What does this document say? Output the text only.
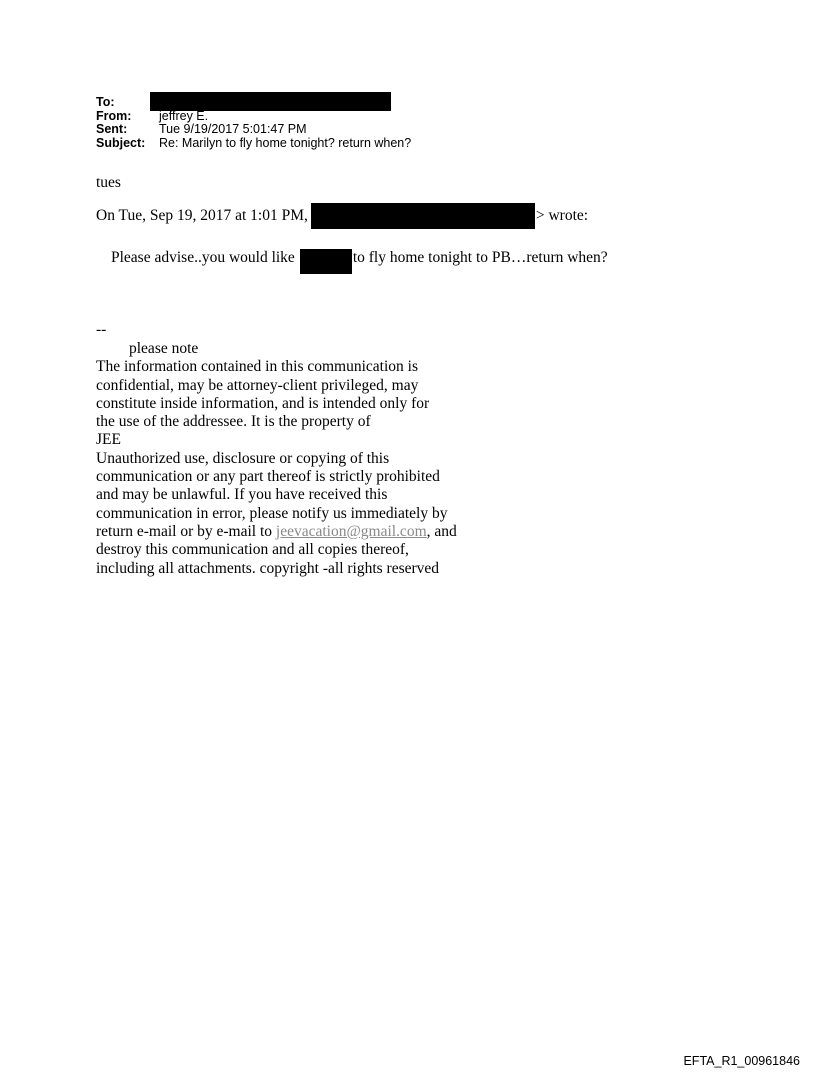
To:
From:	jeffrey E.
Sent:	Tue 9/19/2017 5:01:47 PM
Subject:	Re: Marilyn to fly home tonight? return when?
tues
On Tue, Sep 19, 2017 at 1:01 PM,	> wrote:
Please advise..you would like	to fly home tonight to PB…return when?
--
please note
The information contained in this communication is
confidential, may be attorney-client privileged, may
constitute inside information, and is intended only for
the use of the addressee. It is the property of
JEE
Unauthorized use, disclosure or copying of this
communication or any part thereof is strictly prohibited
and may be unlawful. If you have received this
communication in error, please notify us immediately by
return e-mail or by e-mail to jeevacation@gmail.com, and
destroy this communication and all copies thereof,
including all attachments. copyright -all rights reserved
EFTA_R1_00961846
